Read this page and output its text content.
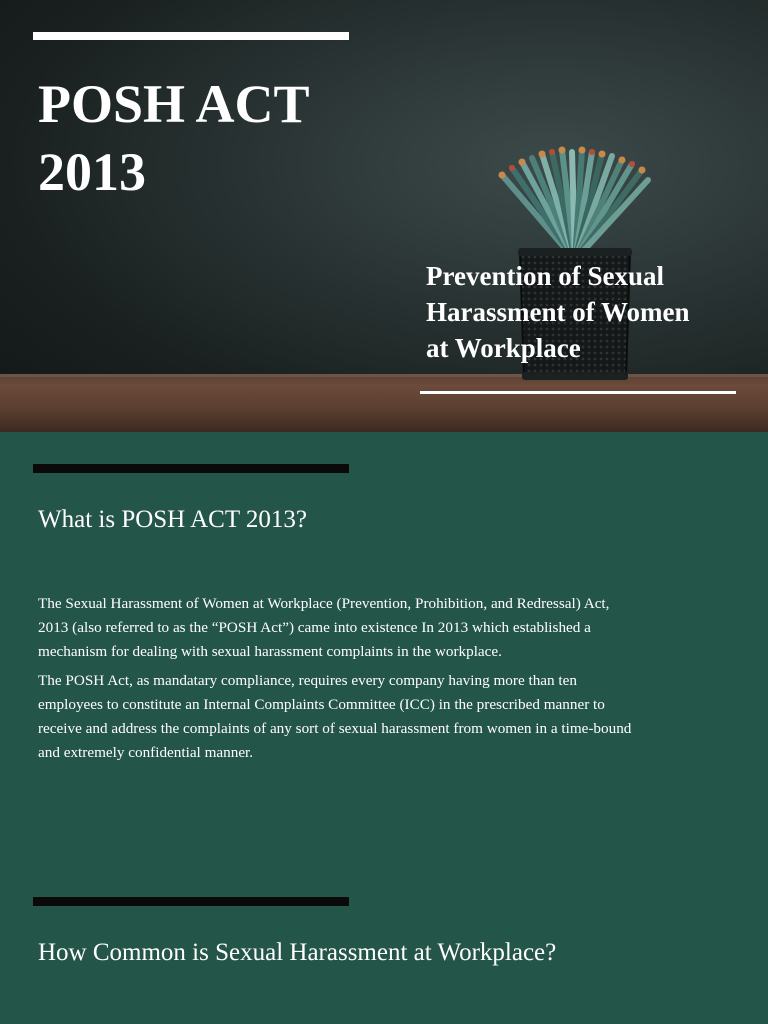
POSH ACT
2013
Prevention of Sexual
Harassment of Women
at Workplace
What is POSH ACT 2013?

The Sexual Harassment of Women at Workplace (Prevention, Prohibition, and Redressal) Act,
2013 (also referred to as the “POSH Act”) came into existence In 2013 which established a
mechanism for dealing with sexual harassment complaints in the workplace.

The POSH Act, as mandatary compliance, requires every company having more than ten
employees to constitute an Internal Complaints Committee (ICC) in the prescribed manner to
receive and address the complaints of any sort of sexual harassment from women in a time-bound
and extremely confidential manner.

How Common is Sexual Harassment at Workplace?
